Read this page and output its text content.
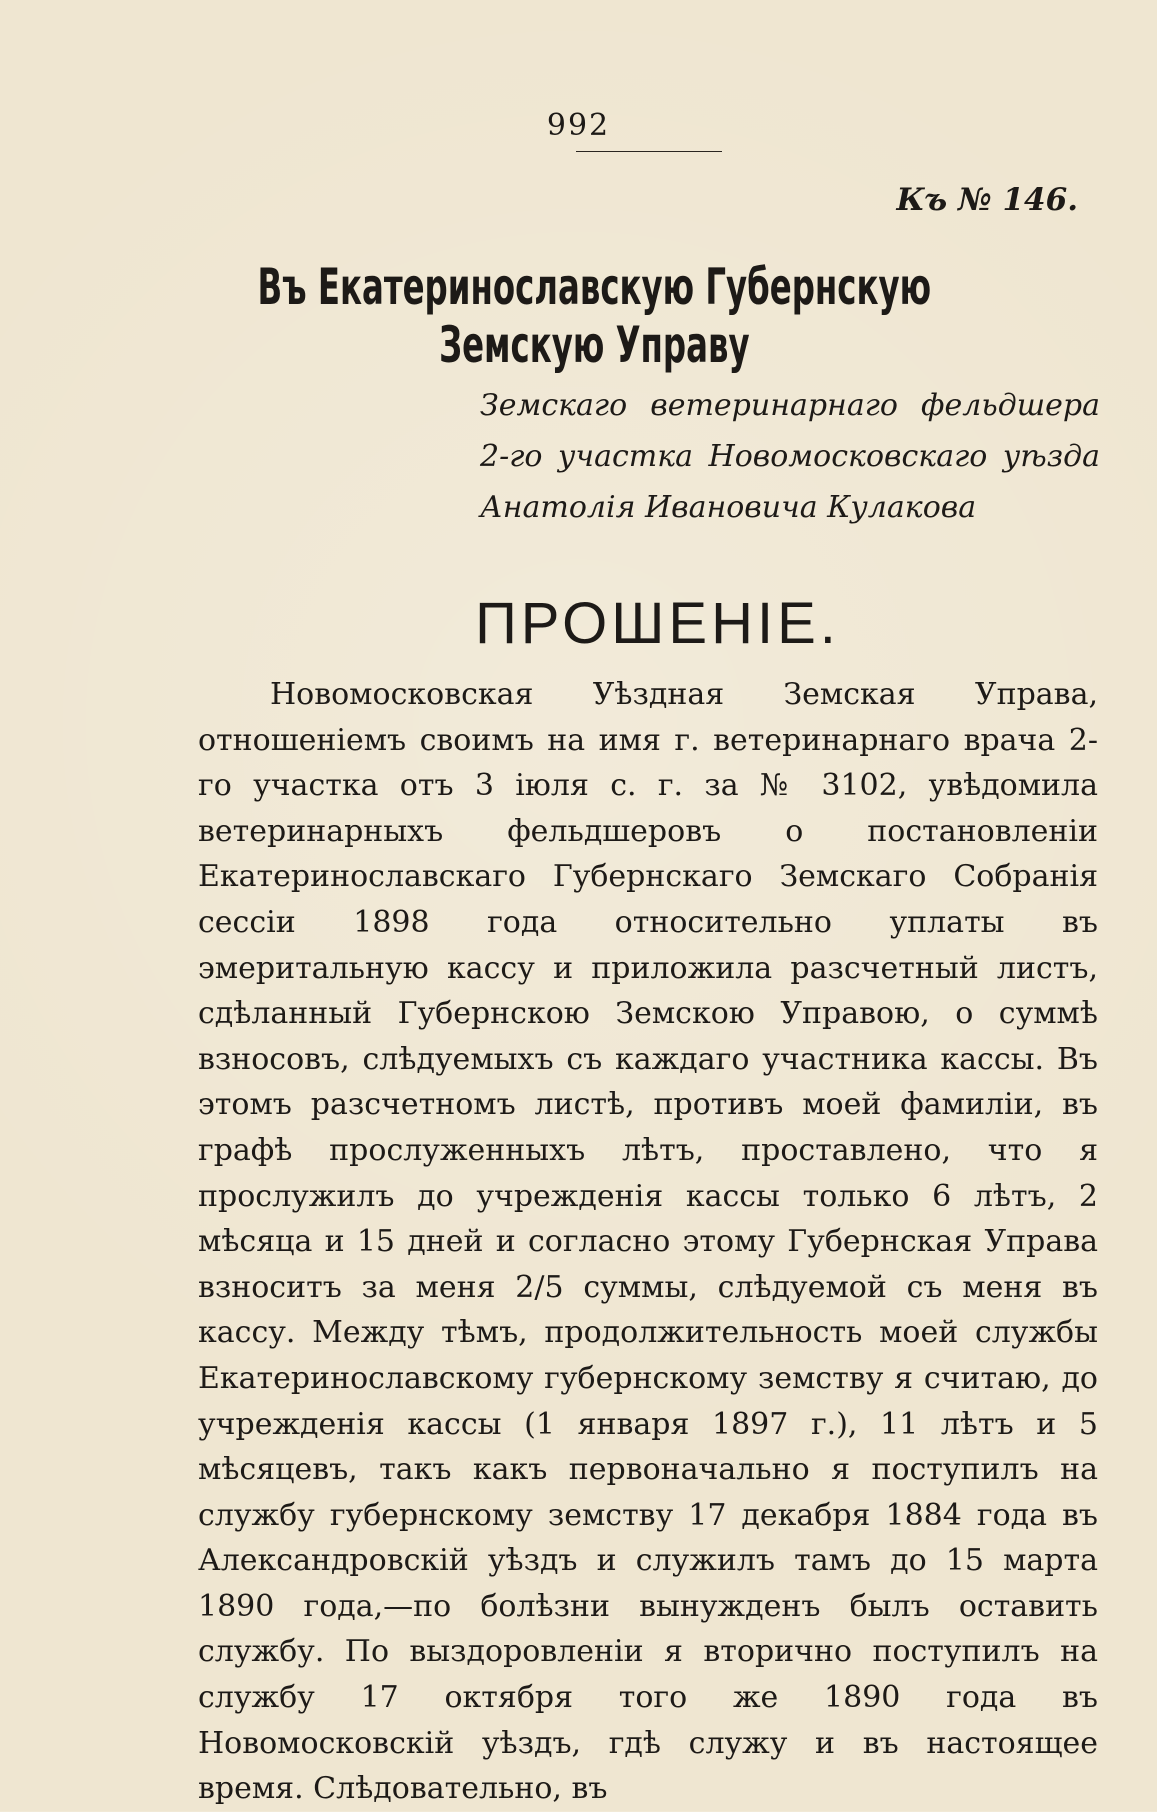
992
Къ № 146.
Въ Екатеринославскую Губернскую Земскую Управу
Земскаго ветеринарнаго фельдшера 2-го участка Новомосковскаго уѣзда Анатолія Ивановича Кулакова
ПРОШЕНІЕ.

Новомосковская Уѣздная Земская Управа, отношеніемъ своимъ на имя г. ветеринарнаго врача 2-го участка отъ 3 іюля с. г. за № 3102, увѣдомила ветеринарныхъ фельдшеровъ о постановленіи Екатеринославскаго Губернскаго Земскаго Собранія сессіи 1898 года относительно уплаты въ эмеритальную кассу и приложила разсчетный листъ, сдѣланный Губернскою Земскою Управою, о суммѣ взносовъ, слѣдуемыхъ съ каждаго участника кассы. Въ этомъ разсчетномъ листѣ, противъ моей фамиліи, въ графѣ прослуженныхъ лѣтъ, проставлено, что я прослужилъ до учрежденія кассы только 6 лѣтъ, 2 мѣсяца и 15 дней и согласно этому Губернская Управа взноситъ за меня 2/5 суммы, слѣдуемой съ меня въ кассу. Между тѣмъ, продолжительность моей службы Екатеринославскому губернскому земству я считаю, до учрежденія кассы (1 января 1897 г.), 11 лѣтъ и 5 мѣсяцевъ, такъ какъ первоначально я поступилъ на службу губернскому земству 17 декабря 1884 года въ Александровскій уѣздъ и служилъ тамъ до 15 марта 1890 года,—по болѣзни вынужденъ былъ оставить службу. По выздоровленіи я вторично поступилъ на службу 17 октября того же 1890 года въ Новомосковскій уѣздъ, гдѣ служу и въ настоящее время. Слѣдовательно, въ
